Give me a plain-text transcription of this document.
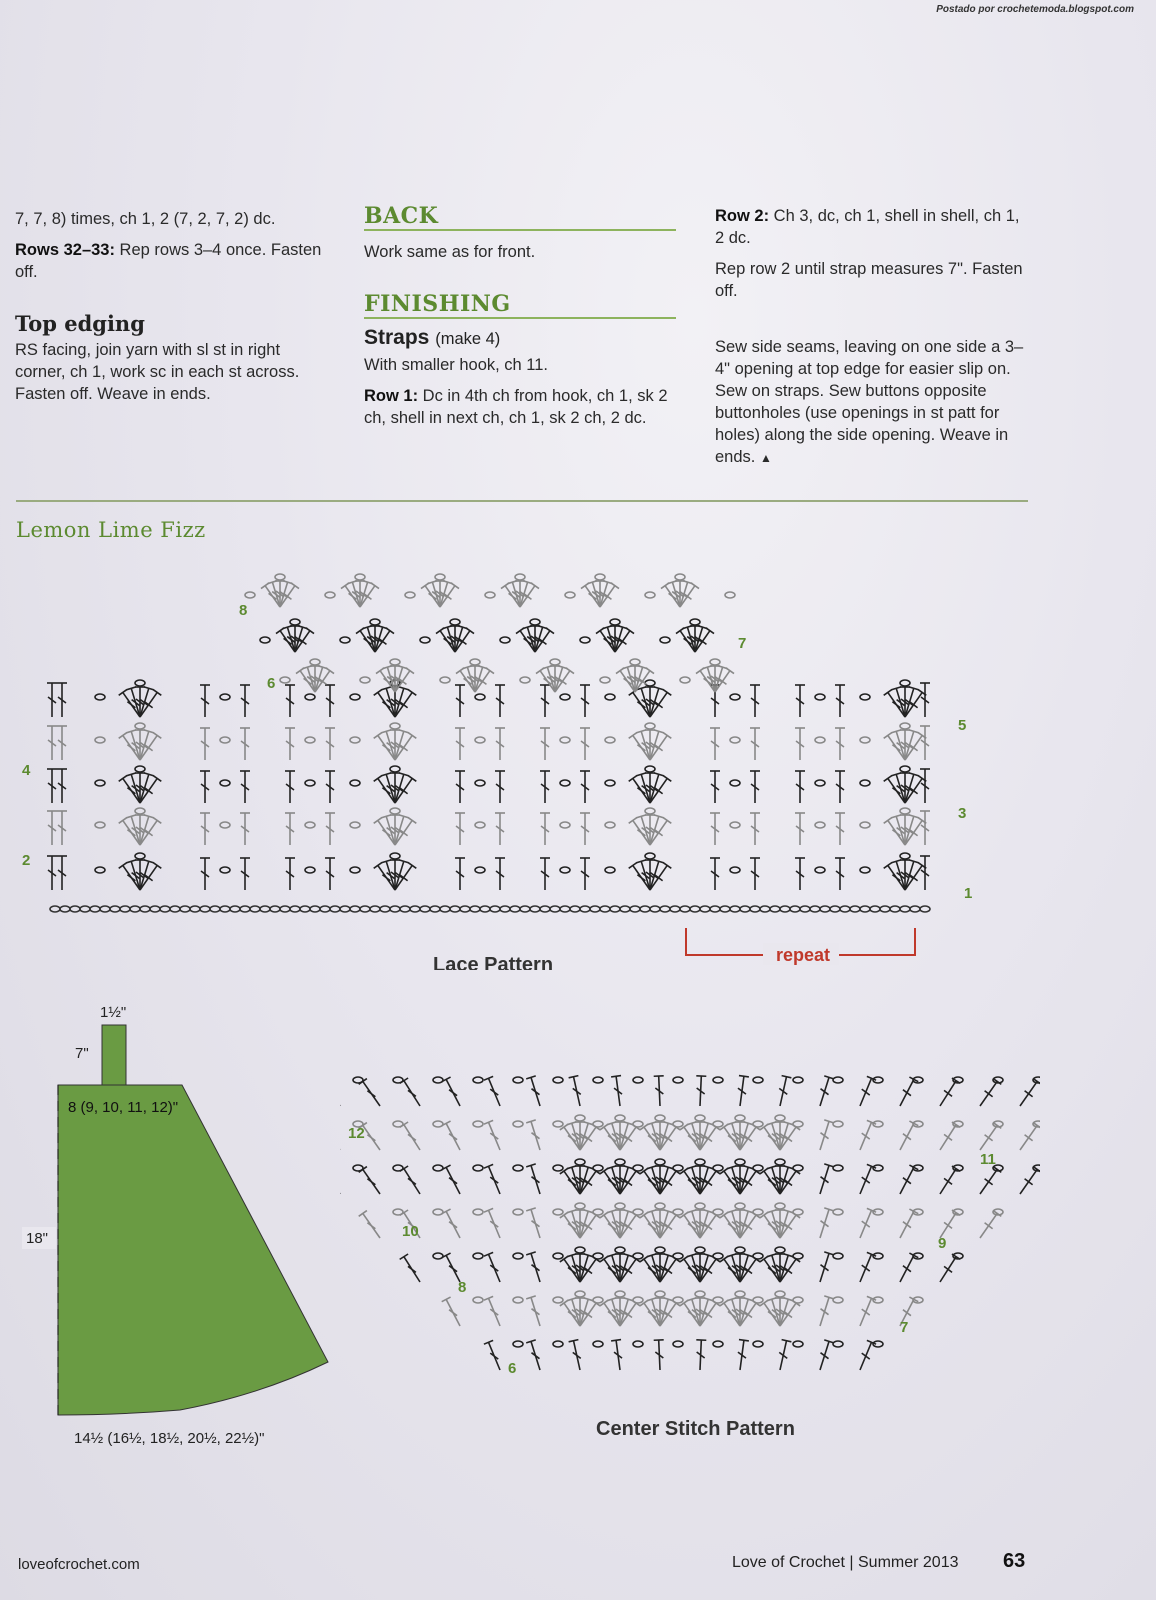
Postado por crochetemoda.blogspot.com

7, 7, 8) times, ch 1, 2 (7, 2, 7, 2) dc.

Rows 32–33: Rep rows 3–4 once. Fasten off.

Top edging

RS facing, join yarn with sl st in right corner, ch 1, work sc in each st across. Fasten off. Weave in ends.

BACK

Work same as for front.

FINISHING
Straps (make 4)

With smaller hook, ch 11.

Row 1: Dc in 4th ch from hook, ch 1, sk 2 ch, shell in next ch, ch 1, sk 2 ch, 2 dc.

Row 2: Ch 3, dc, ch 1, shell in shell, ch 1, 2 dc.

Rep row 2 until strap measures 7". Fasten off.

Sew side seams, leaving on one side a 3–4" opening at top edge for easier slip on. Sew on straps. Sew buttons opposite buttonholes (use openings in st patt for holes) along the side opening. Weave in ends. ▲

Lemon Lime Fizz
8
6
4
2
7
5
3
1
repeat
Lace Pattern
1½"
7"
8 (9, 10, 11, 12)"
18"
14½ (16½, 18½, 20½, 22½)"
12
10
8
6
11
9
7
Center Stitch Pattern
loveofcrochet.com	Love of Crochet | Summer 2013 63
